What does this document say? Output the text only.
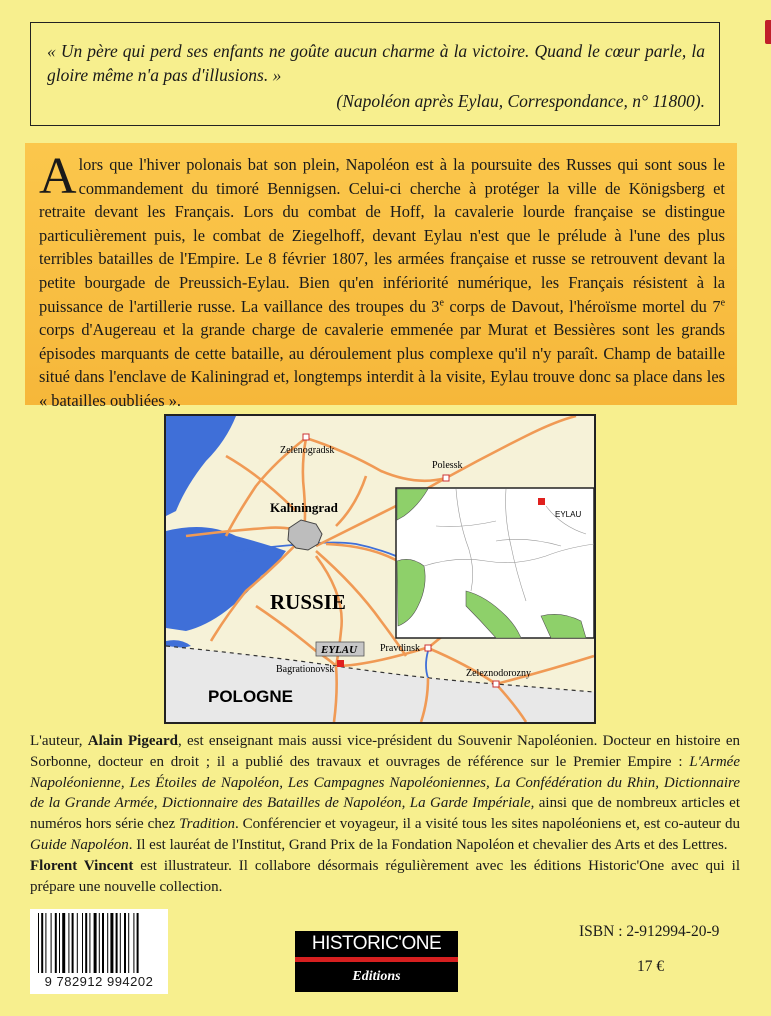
« Un père qui perd ses enfants ne goûte aucun charme à la victoire. Quand le cœur parle, la gloire même n'a pas d'illusions. »
(Napoléon après Eylau, Correspondance, n° 11800).
Alors que l'hiver polonais bat son plein, Napoléon est à la poursuite des Russes qui sont sous le commandement du timoré Bennigsen. Celui-ci cherche à protéger la ville de Königsberg et retraite devant les Français. Lors du combat de Hoff, la cavalerie lourde française se distingue particulièrement puis, le combat de Ziegelhoff, devant Eylau n'est que le prélude à l'une des plus terribles batailles de l'Empire. Le 8 février 1807, les armées française et russe se retrouvent devant la petite bourgade de Preussich-Eylau. Bien qu'en infériorité numérique, les Français résistent à la puissance de l'artillerie russe. La vaillance des troupes du 3e corps de Davout, l'héroïsme mortel du 7e corps d'Augereau et la grande charge de cavalerie emmenée par Murat et Bessières sont les grands épisodes marquants de cette bataille, au déroulement plus complexe qu'il n'y paraît. Champ de bataille situé dans l'enclave de Kaliningrad et, longtemps interdit à la visite, Eylau trouve donc sa place dans les « batailles oubliées ».
Zelenogradsk
Polessk
Kaliningrad
RUSSIE
EYLAU Pravdinsk
Bagrationovsk	Zeleznodorozny
POLOGNE
EYLAU
L'auteur, Alain Pigeard, est enseignant mais aussi vice-président du Souvenir Napoléonien. Docteur en histoire en Sorbonne, docteur en droit ; il a publié des travaux et ouvrages de référence sur le Premier Empire : L'Armée Napoléonienne, Les Étoiles de Napoléon, Les Campagnes Napoléoniennes, La Confédération du Rhin, Dictionnaire de la Grande Armée, Dictionnaire des Batailles de Napoléon, La Garde Impériale, ainsi que de nombreux articles et numéros hors série chez Tradition. Conférencier et voyageur, il a visité tous les sites napoléoniens et, est co-auteur du Guide Napoléon. Il est lauréat de l'Institut, Grand Prix de la Fondation Napoléon et chevalier des Arts et des Lettres.
Florent Vincent est illustrateur. Il collabore désormais régulièrement avec les éditions Historic'One avec qui il prépare une nouvelle collection.
9 782912 994202
HISTORIC'ONE
Editions
ISBN : 2-912994-20-9
17 €
